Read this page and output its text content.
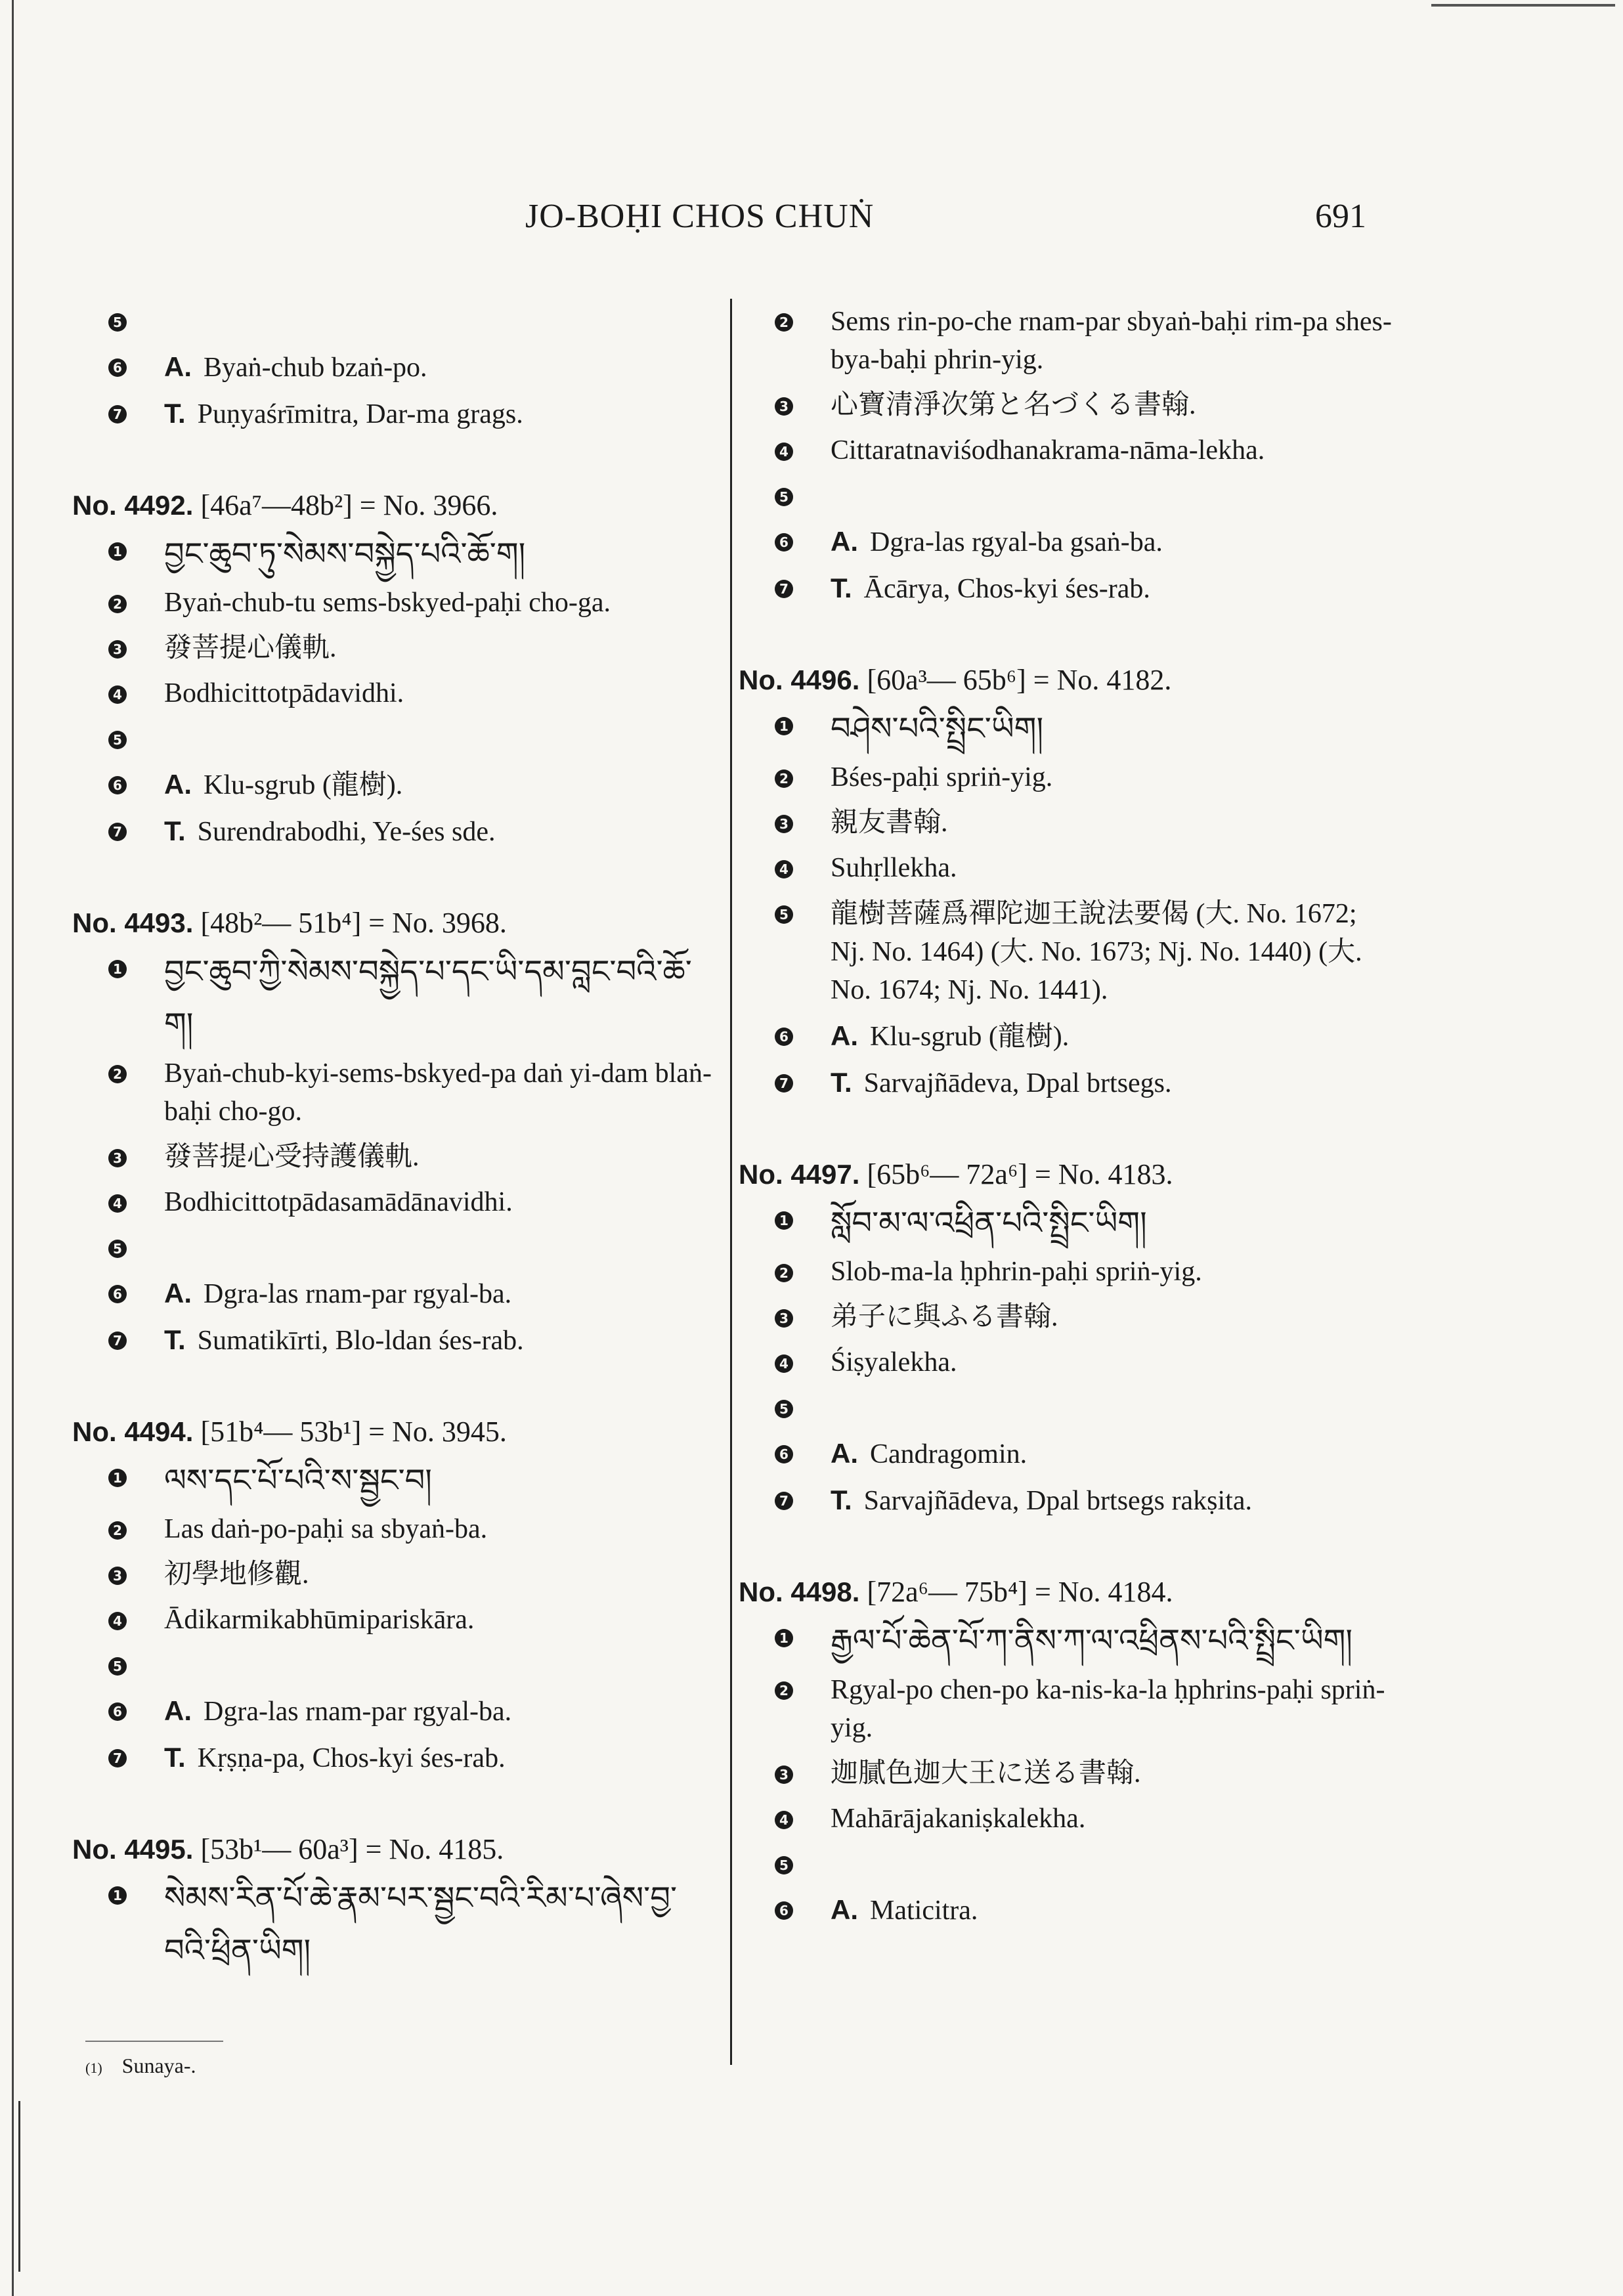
JO-BOḤI CHOS CHUṄ	691
5
6 A. Byaṅ-chub bzaṅ-po.
7 T. Puṇyaśrīmitra, Dar-ma grags.
No. 4492. [46a⁷—48b²] = No. 3966.
1 བྱང་ཆུབ་ཏུ་སེམས་བསྐྱེད་པའི་ཆོ་ག།
2 Byaṅ-chub-tu sems-bskyed-paḥi cho-ga.
3 發菩提心儀軌.
4 Bodhicittotpādavidhi.
5
6 A. Klu-sgrub (龍樹).
7 T. Surendrabodhi, Ye-śes sde.
No. 4493. [48b²— 51b⁴] = No. 3968.
1 བྱང་ཆུབ་ཀྱི་སེམས་བསྐྱེད་པ་དང་ཡི་དམ་བླང་བའི་ཆོ་ག།
2 Byaṅ-chub-kyi-sems-bskyed-pa daṅ yi-dam blaṅ-baḥi cho-go.
3 發菩提心受持護儀軌.
4 Bodhicittotpādasamādānavidhi.
5
6 A. Dgra-las rnam-par rgyal-ba.
7 T. Sumatikīrti, Blo-ldan śes-rab.
No. 4494. [51b⁴— 53b¹] = No. 3945.
1 ལས་དང་པོ་པའི་ས་སྦྱང་བ།
2 Las daṅ-po-paḥi sa sbyaṅ-ba.
3 初學地修觀.
4 Ādikarmikabhūmipariskāra.
5
6 A. Dgra-las rnam-par rgyal-ba.
7 T. Kṛṣṇa-pa, Chos-kyi śes-rab.
No. 4495. [53b¹— 60a³] = No. 4185.
1 སེམས་རིན་པོ་ཆེ་རྣམ་པར་སྦྱང་བའི་རིམ་པ་ཞེས་བྱ་བའི་ཕྲིན་ཡིག།
2 Sems rin-po-che rnam-par sbyaṅ-baḥi rim-pa shes-bya-baḥi phrin-yig.
3 心寶清淨次第と名づくる書翰.
4 Cittaratnaviśodhanakrama-nāma-lekha.
5
6 A. Dgra-las rgyal-ba gsaṅ-ba.
7 T. Ācārya, Chos-kyi śes-rab.
No. 4496. [60a³— 65b⁶] = No. 4182.
1 བཤེས་པའི་སྤྲིང་ཡིག།
2 Bśes-paḥi spriṅ-yig.
3 親友書翰.
4 Suhṛllekha.
5 龍樹菩薩爲禪陀迦王說法要偈 (大. No. 1672; Nj. No. 1464) (大. No. 1673; Nj. No. 1440) (大. No. 1674; Nj. No. 1441).
6 A. Klu-sgrub (龍樹).
7 T. Sarvajñādeva, Dpal brtsegs.
No. 4497. [65b⁶— 72a⁶] = No. 4183.
1 སློབ་མ་ལ་འཕྲིན་པའི་སྤྲིང་ཡིག།
2 Slob-ma-la ḥphrin-paḥi spriṅ-yig.
3 弟子に與ふる書翰.
4 Śiṣyalekha.
5
6 A. Candragomin.
7 T. Sarvajñādeva, Dpal brtsegs rakṣita.
No. 4498. [72a⁶— 75b⁴] = No. 4184.
1 རྒྱལ་པོ་ཆེན་པོ་ཀ་ནིས་ཀ་ལ་འཕྲིནས་པའི་སྤྲིང་ཡིག།
2 Rgyal-po chen-po ka-nis-ka-la ḥphrins-paḥi spriṅ-yig.
3 迦膩色迦大王に送る書翰.
4 Mahārājakaniṣkalekha.
5
6 A. Maticitra.
(1) Sunaya-.
